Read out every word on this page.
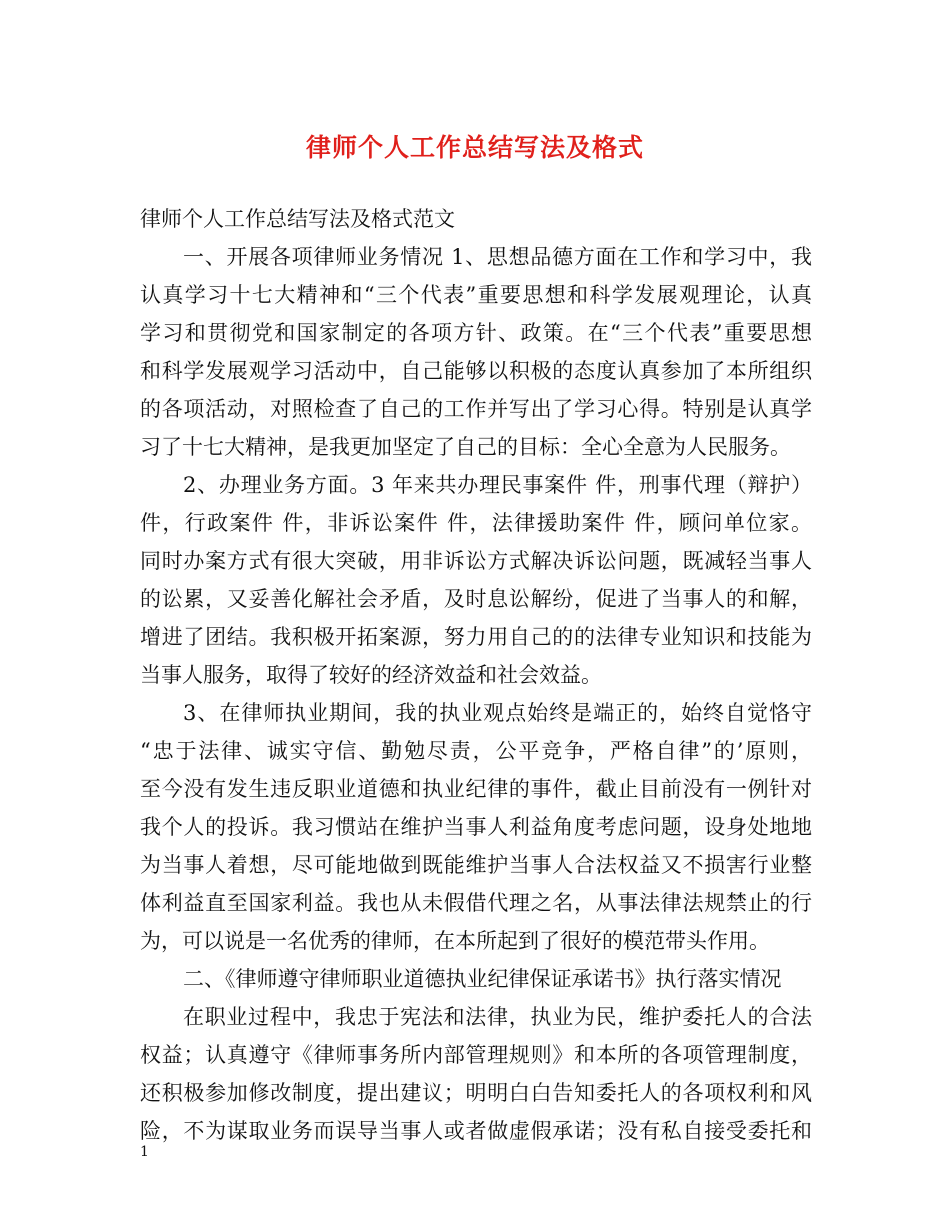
律师个人工作总结写法及格式
律师个人工作总结写法及格式范文
一、开展各项律师业务情况 1、思想品德方面在工作和学习中，我
认真学习十七大精神和“三个代表”重要思想和科学发展观理论，认真
学习和贯彻党和国家制定的各项方针、政策。在“三个代表”重要思想
和科学发展观学习活动中，自己能够以积极的态度认真参加了本所组织
的各项活动，对照检查了自己的工作并写出了学习心得。特别是认真学
习了十七大精神，是我更加坚定了自己的目标：全心全意为人民服务。
2、办理业务方面。3 年来共办理民事案件 件，刑事代理（辩护）
件，行政案件 件，非诉讼案件 件，法律援助案件 件，顾问单位家。
同时办案方式有很大突破，用非诉讼方式解决诉讼问题，既减轻当事人
的讼累，又妥善化解社会矛盾，及时息讼解纷，促进了当事人的和解，
增进了团结。我积极开拓案源，努力用自己的的法律专业知识和技能为
当事人服务，取得了较好的经济效益和社会效益。
3、在律师执业期间，我的执业观点始终是端正的，始终自觉恪守
“忠于法律、诚实守信、勤勉尽责，公平竞争，严格自律”的’原则，
至今没有发生违反职业道德和执业纪律的事件，截止目前没有一例针对
我个人的投诉。我习惯站在维护当事人利益角度考虑问题，设身处地地
为当事人着想，尽可能地做到既能维护当事人合法权益又不损害行业整
体利益直至国家利益。我也从未假借代理之名，从事法律法规禁止的行
为，可以说是一名优秀的律师，在本所起到了很好的模范带头作用。
二、《律师遵守律师职业道德执业纪律保证承诺书》执行落实情况
在职业过程中，我忠于宪法和法律，执业为民，维护委托人的合法
权益；认真遵守《律师事务所内部管理规则》和本所的各项管理制度，
还积极参加修改制度，提出建议；明明白白告知委托人的各项权利和风
险，不为谋取业务而误导当事人或者做虚假承诺；没有私自接受委托和
1
